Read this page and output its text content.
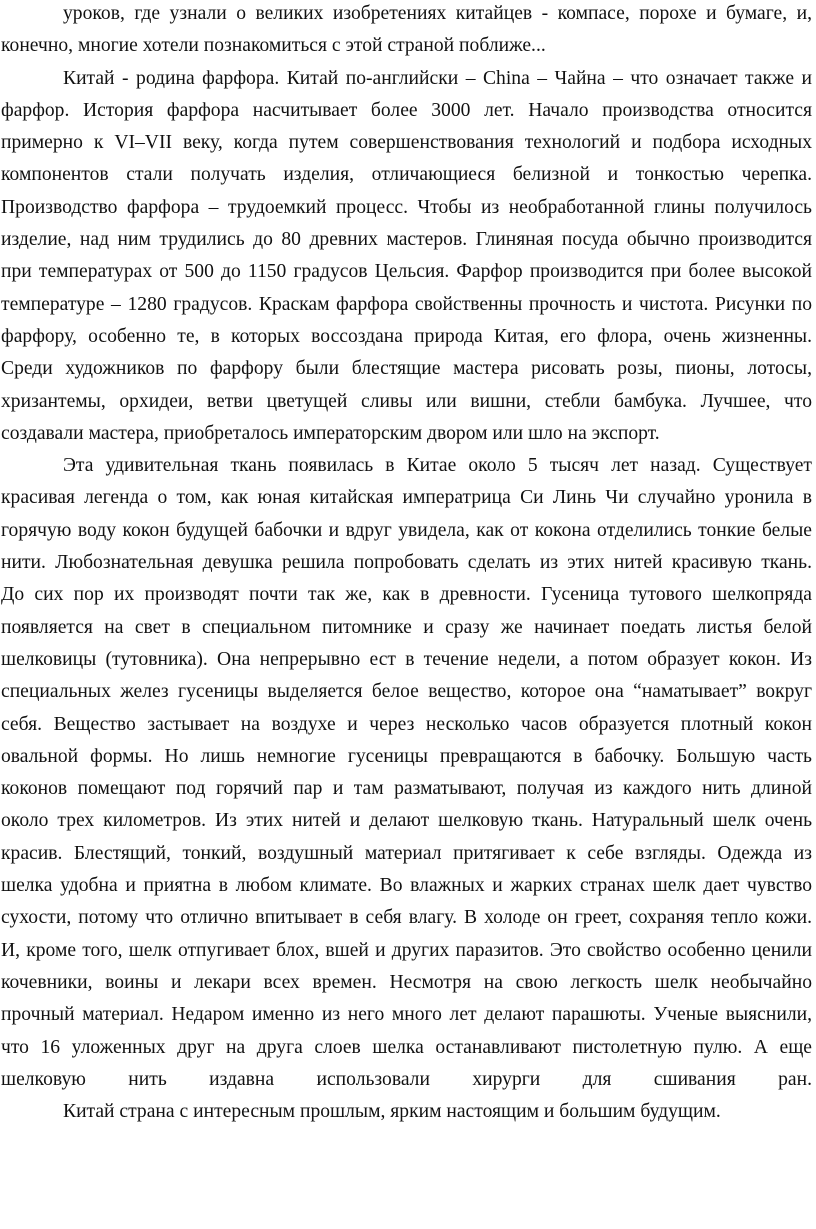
уроков, где узнали о великих изобретениях китайцев - компасе, порохе и бумаге, и,
конечно, многие хотели познакомиться с этой страной поближе...
Китай - родина фарфора. Китай по-английски – China – Чайна – что означает также и
фарфор. История фарфора насчитывает более 3000 лет. Начало производства относится
примерно к VI–VII веку, когда путем совершенствования технологий и подбора исходных
компонентов стали получать изделия, отличающиеся белизной и тонкостью черепка.
Производство фарфора – трудоемкий процесс. Чтобы из необработанной глины получилось
изделие, над ним трудились до 80 древних мастеров. Глиняная посуда обычно производится
при температурах от 500 до 1150 градусов Цельсия. Фарфор производится при более высокой
температуре – 1280 градусов. Краскам фарфора свойственны прочность и чистота. Рисунки по
фарфору, особенно те, в которых воссоздана природа Китая, его флора, очень жизненны.
Среди художников по фарфору были блестящие мастера рисовать розы, пионы, лотосы,
хризантемы, орхидеи, ветви цветущей сливы или вишни, стебли бамбука. Лучшее, что
создавали мастера, приобреталось императорским двором или шло на экспорт.
Эта удивительная ткань появилась в Китае около 5 тысяч лет назад. Существует
красивая легенда о том, как юная китайская императрица Си Линь Чи случайно уронила в
горячую воду кокон будущей бабочки и вдруг увидела, как от кокона отделились тонкие белые
нити. Любознательная девушка решила попробовать сделать из этих нитей красивую ткань.
До сих пор их производят почти так же, как в древности. Гусеница тутового шелкопряда
появляется на свет в специальном питомнике и сразу же начинает поедать листья белой
шелковицы (тутовника). Она непрерывно ест в течение недели, а потом образует кокон. Из
специальных желез гусеницы выделяется белое вещество, которое она “наматывает” вокруг
себя. Вещество застывает на воздухе и через несколько часов образуется плотный кокон
овальной формы. Но лишь немногие гусеницы превращаются в бабочку. Большую часть
коконов помещают под горячий пар и там разматывают, получая из каждого нить длиной
около трех километров. Из этих нитей и делают шелковую ткань. Натуральный шелк очень
красив. Блестящий, тонкий, воздушный материал притягивает к себе взгляды. Одежда из
шелка удобна и приятна в любом климате. Во влажных и жарких странах шелк дает чувство
сухости, потому что отлично впитывает в себя влагу. В холоде он греет, сохраняя тепло кожи.
И, кроме того, шелк отпугивает блох, вшей и других паразитов. Это свойство особенно ценили
кочевники, воины и лекари всех времен. Несмотря на свою легкость шелк необычайно
прочный материал. Недаром именно из него много лет делают парашюты. Ученые выяснили,
что 16 уложенных друг на друга слоев шелка останавливают пистолетную пулю. А еще
шелковую нить издавна использовали хирурги для сшивания ран.
Китай страна с интересным прошлым, ярким настоящим и большим будущим.
